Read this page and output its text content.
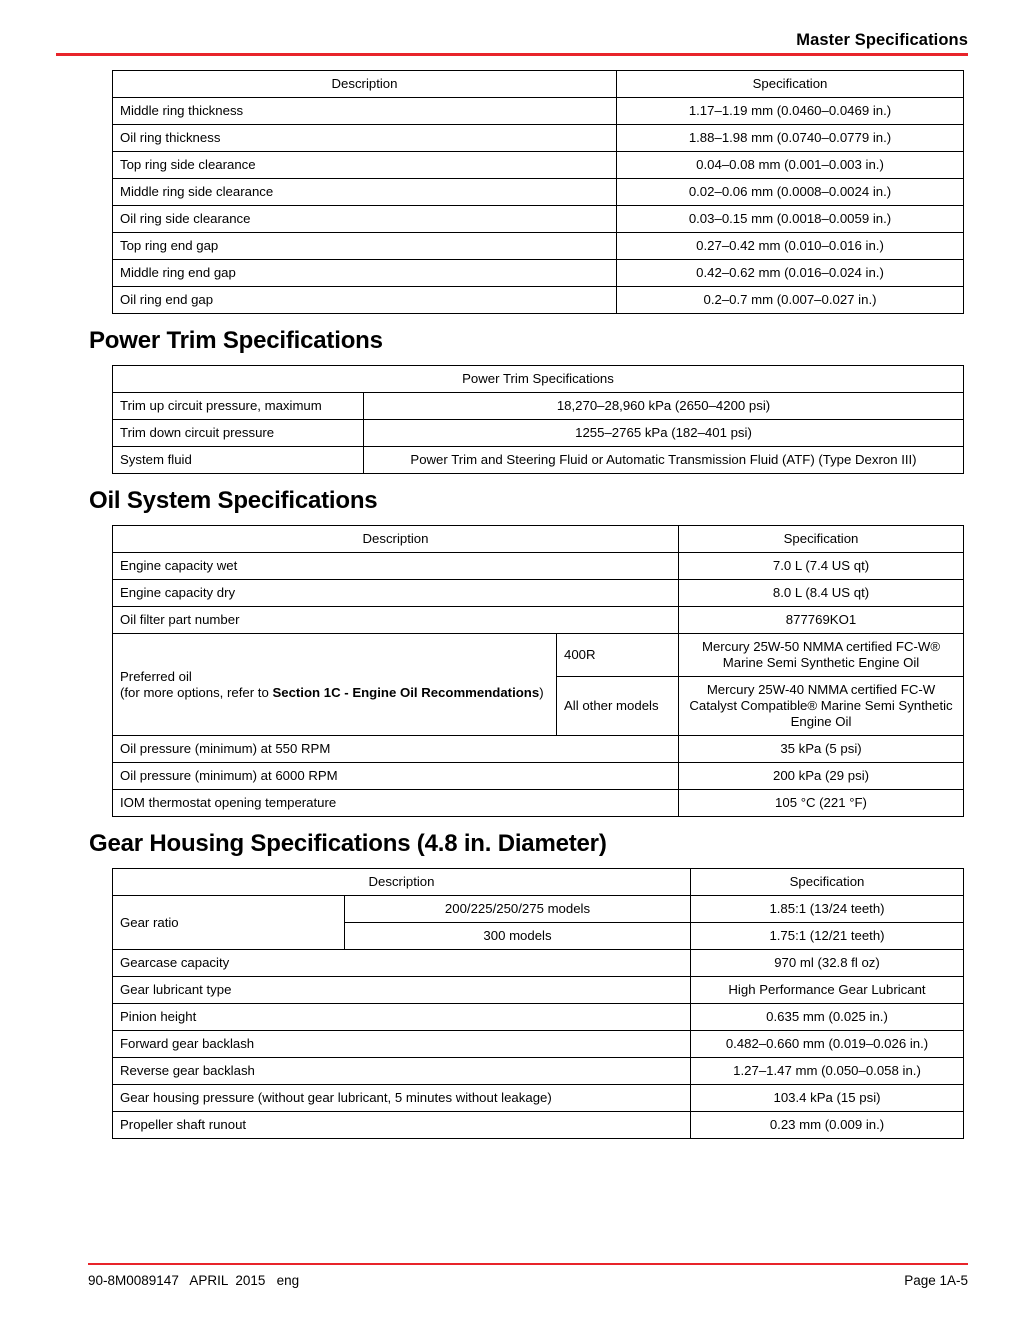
Master Specifications
Description	Specification
Middle ring thickness	1.17–1.19 mm (0.0460–0.0469 in.)
Oil ring thickness	1.88–1.98 mm (0.0740–0.0779 in.)
Top ring side clearance	0.04–0.08 mm (0.001–0.003 in.)
Middle ring side clearance	0.02–0.06 mm (0.0008–0.0024 in.)
Oil ring side clearance	0.03–0.15 mm (0.0018–0.0059 in.)
Top ring end gap	0.27–0.42 mm (0.010–0.016 in.)
Middle ring end gap	0.42–0.62 mm (0.016–0.024 in.)
Oil ring end gap	0.2–0.7 mm (0.007–0.027 in.)
Power Trim Specifications
Power Trim Specifications	
Trim up circuit pressure, maximum	18,270–28,960 kPa (2650–4200 psi)
Trim down circuit pressure	1255–2765 kPa (182–401 psi)
System fluid	Power Trim and Steering Fluid or Automatic Transmission Fluid (ATF) (Type Dexron III)
Oil System Specifications
Description		Specification
Engine capacity wet		7.0 L (7.4 US qt)
Engine capacity dry		8.0 L (8.4 US qt)
Oil filter part number		877769KO1
Preferred oil
(for more options, refer to Section 1C - Engine Oil Recommendations)	400R	Mercury 25W-50 NMMA certified FC-W® Marine Semi Synthetic Engine Oil
	All other models	Mercury 25W-40 NMMA certified FC-W Catalyst Compatible® Marine Semi Synthetic Engine Oil
Oil pressure (minimum) at 550 RPM		35 kPa (5 psi)
Oil pressure (minimum) at 6000 RPM		200 kPa (29 psi)
IOM thermostat opening temperature		105 °C (221 °F)
Gear Housing Specifications (4.8 in. Diameter)
Description		Specification
Gear ratio	200/225/250/275 models	1.85:1 (13/24 teeth)
	300 models	1.75:1 (12/21 teeth)
Gearcase capacity		970 ml (32.8 fl oz)
Gear lubricant type		High Performance Gear Lubricant
Pinion height		0.635 mm (0.025 in.)
Forward gear backlash		0.482–0.660 mm (0.019–0.026 in.)
Reverse gear backlash		1.27–1.47 mm (0.050–0.058 in.)
Gear housing pressure (without gear lubricant, 5 minutes without leakage)		103.4 kPa (15 psi)
Propeller shaft runout		0.23 mm (0.009 in.)
90-8M0089147   APRIL  2015   eng	Page 1A-5
